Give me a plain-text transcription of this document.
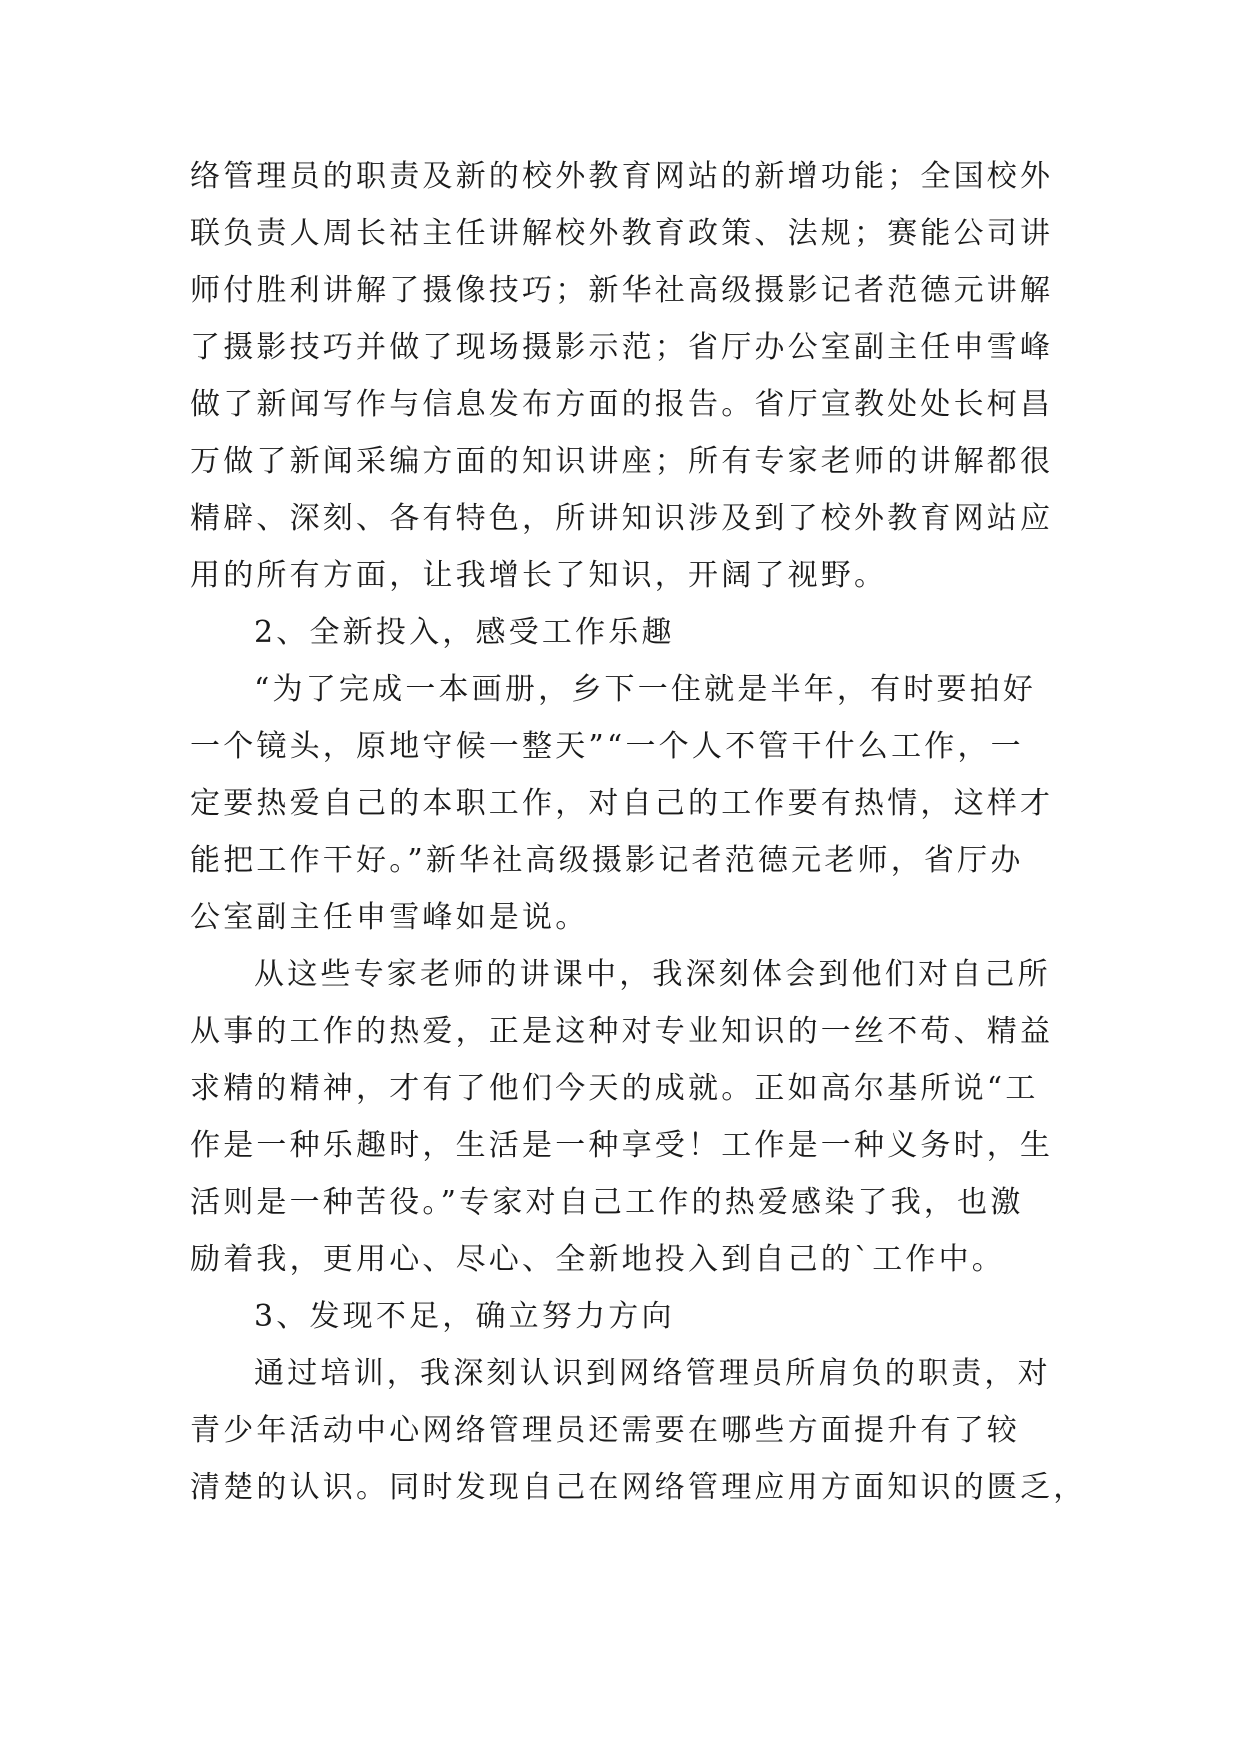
络管理员的职责及新的校外教育网站的新增功能；全国校外
联负责人周长祜主任讲解校外教育政策、法规；赛能公司讲
师付胜利讲解了摄像技巧；新华社高级摄影记者范德元讲解
了摄影技巧并做了现场摄影示范；省厅办公室副主任申雪峰
做了新闻写作与信息发布方面的报告。省厅宣教处处长柯昌
万做了新闻采编方面的知识讲座；所有专家老师的讲解都很
精辟、深刻、各有特色，所讲知识涉及到了校外教育网站应
用的所有方面，让我增长了知识，开阔了视野。
2、全新投入，感受工作乐趣
“为了完成一本画册，乡下一住就是半年，有时要拍好
一个镜头，原地守候一整天”“一个人不管干什么工作，一
定要热爱自己的本职工作，对自己的工作要有热情，这样才
能把工作干好。”新华社高级摄影记者范德元老师，省厅办
公室副主任申雪峰如是说。
从这些专家老师的讲课中，我深刻体会到他们对自己所
从事的工作的热爱，正是这种对专业知识的一丝不苟、精益
求精的精神，才有了他们今天的成就。正如高尔基所说“工
作是一种乐趣时，生活是一种享受！工作是一种义务时，生
活则是一种苦役。”专家对自己工作的热爱感染了我，也激
励着我，更用心、尽心、全新地投入到自己的`工作中。
3、发现不足，确立努力方向
通过培训，我深刻认识到网络管理员所肩负的职责，对
青少年活动中心网络管理员还需要在哪些方面提升有了较
清楚的认识。同时发现自己在网络管理应用方面知识的匮乏，
